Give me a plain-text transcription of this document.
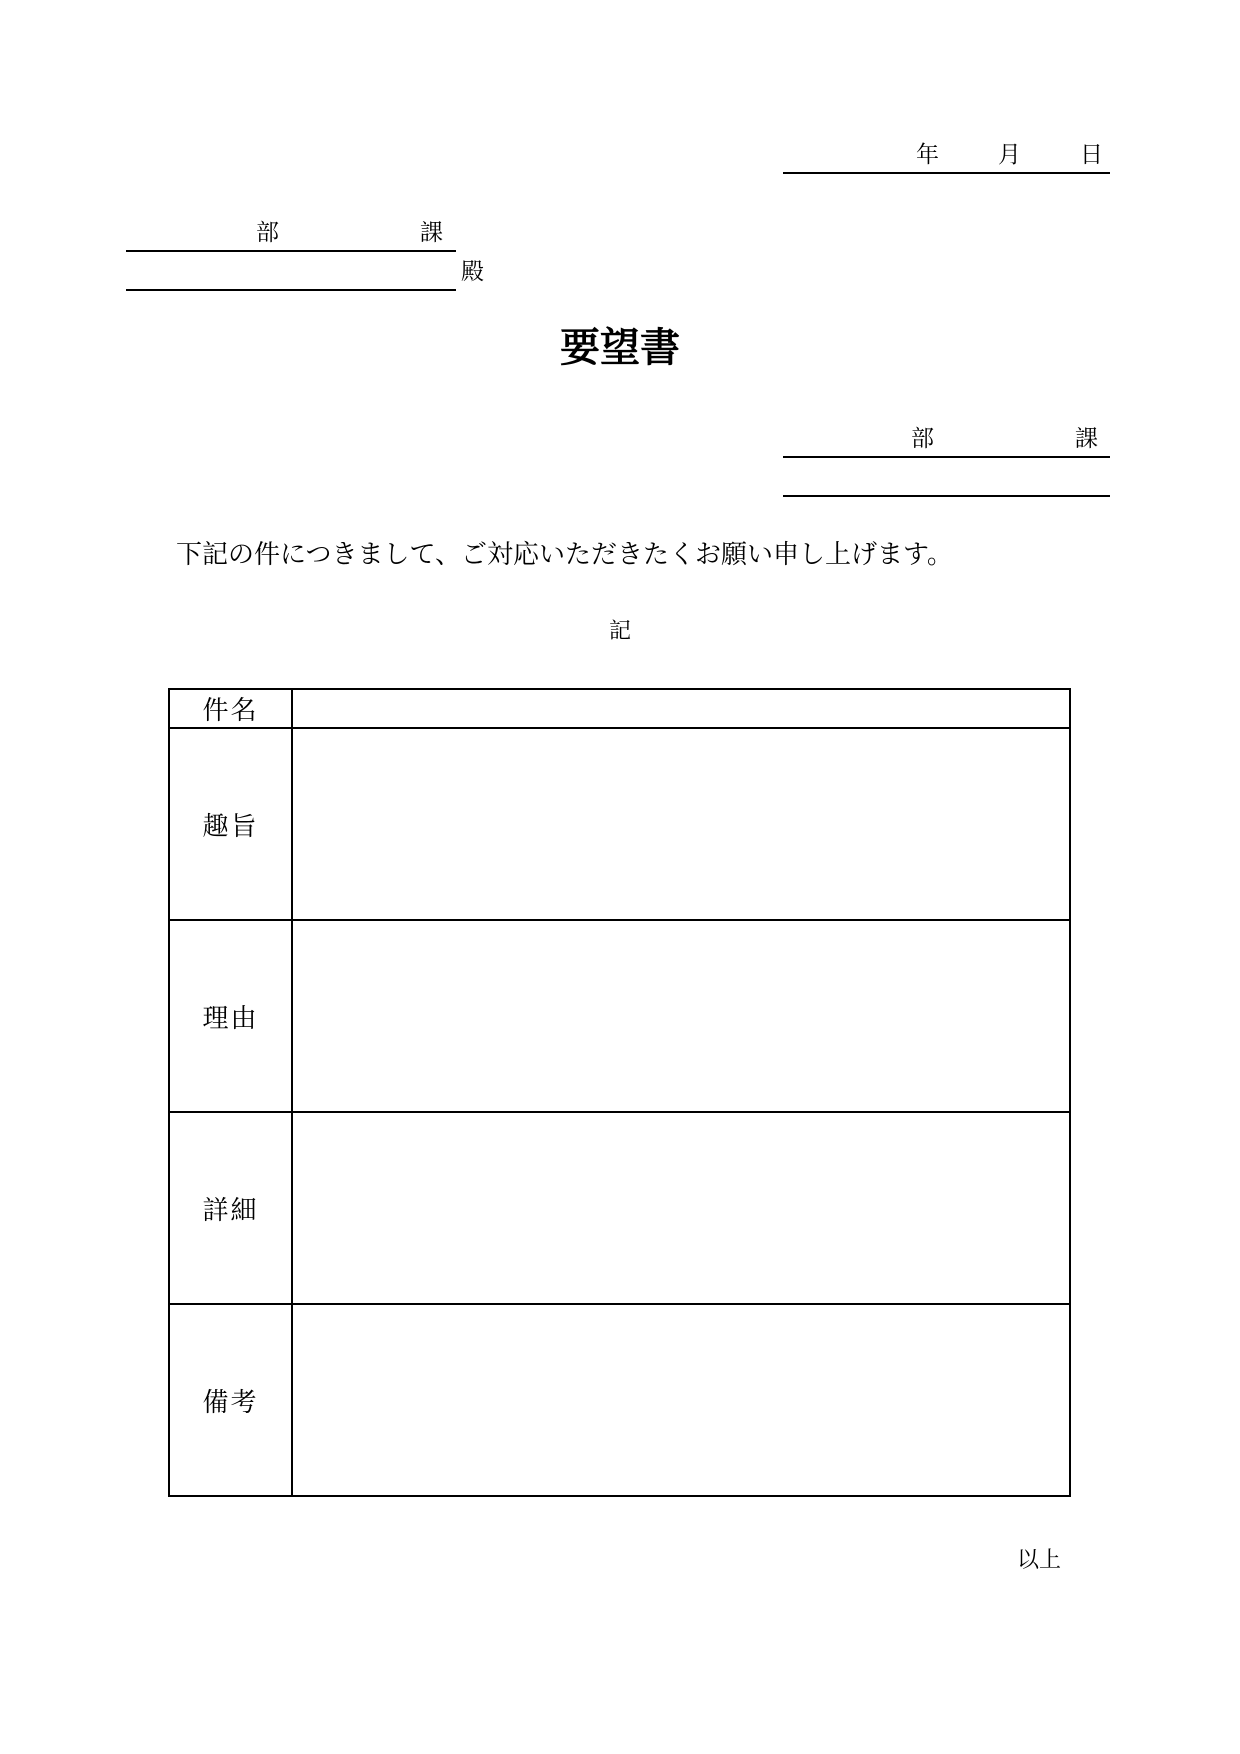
年	月	日
部	課
殿
要望書
部	課
下記の件につきまして、ご対応いただきたくお願い申し上げます。
記
件名	
趣旨	
理由	
詳細	
備考	
以上
